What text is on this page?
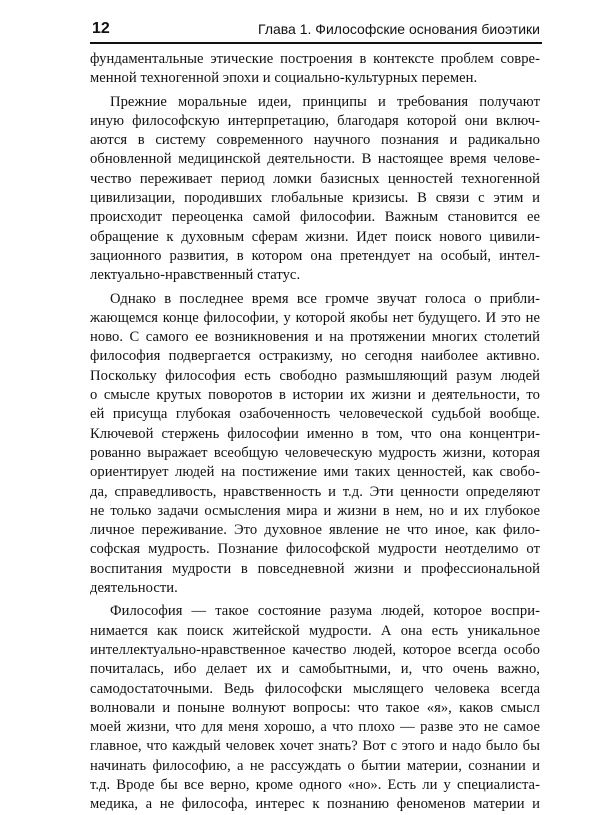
12	Глава 1. Философские основания биоэтики
фундаментальные этические построения в контексте проблем совре-
менной техногенной эпохи и социально-культурных перемен.
Прежние моральные идеи, принципы и требования получают
иную философскую интерпретацию, благодаря которой они включ-
аются в систему современного научного познания и радикально
обновленной медицинской деятельности. В настоящее время челове-
чество переживает период ломки базисных ценностей техногенной
цивилизации, породивших глобальные кризисы. В связи с этим и
происходит переоценка самой философии. Важным становится ее
обращение к духовным сферам жизни. Идет поиск нового цивили-
зационного развития, в котором она претендует на особый, интел-
лектуально-нравственный статус.
Однако в последнее время все громче звучат голоса о прибли-
жающемся конце философии, у которой якобы нет будущего. И это не
ново. С самого ее возникновения и на протяжении многих столетий
философия подвергается остракизму, но сегодня наиболее активно.
Поскольку философия есть свободно размышляющий разум людей
о смысле крутых поворотов в истории их жизни и деятельности, то
ей присуща глубокая озабоченность человеческой судьбой вообще.
Ключевой стержень философии именно в том, что она концентри-
рованно выражает всеобщую человеческую мудрость жизни, которая
ориентирует людей на постижение ими таких ценностей, как свобо-
да, справедливость, нравственность и т.д. Эти ценности определяют
не только задачи осмысления мира и жизни в нем, но и их глубокое
личное переживание. Это духовное явление не что иное, как фило-
софская мудрость. Познание философской мудрости неотделимо от
воспитания мудрости в повседневной жизни и профессиональной
деятельности.
Философия — такое состояние разума людей, которое воспри-
нимается как поиск житейской мудрости. А она есть уникальное
интеллектуально-нравственное качество людей, которое всегда особо
почиталась, ибо делает их и самобытными, и, что очень важно,
самодостаточными. Ведь философски мыслящего человека всегда
волновали и поныне волнуют вопросы: что такое «я», каков смысл
моей жизни, что для меня хорошо, а что плохо — разве это не самое
главное, что каждый человек хочет знать? Вот с этого и надо было бы
начинать философию, а не рассуждать о бытии материи, сознании и
т.д. Вроде бы все верно, кроме одного «но». Есть ли у специалиста-
медика, а не философа, интерес к познанию феноменов материи и
